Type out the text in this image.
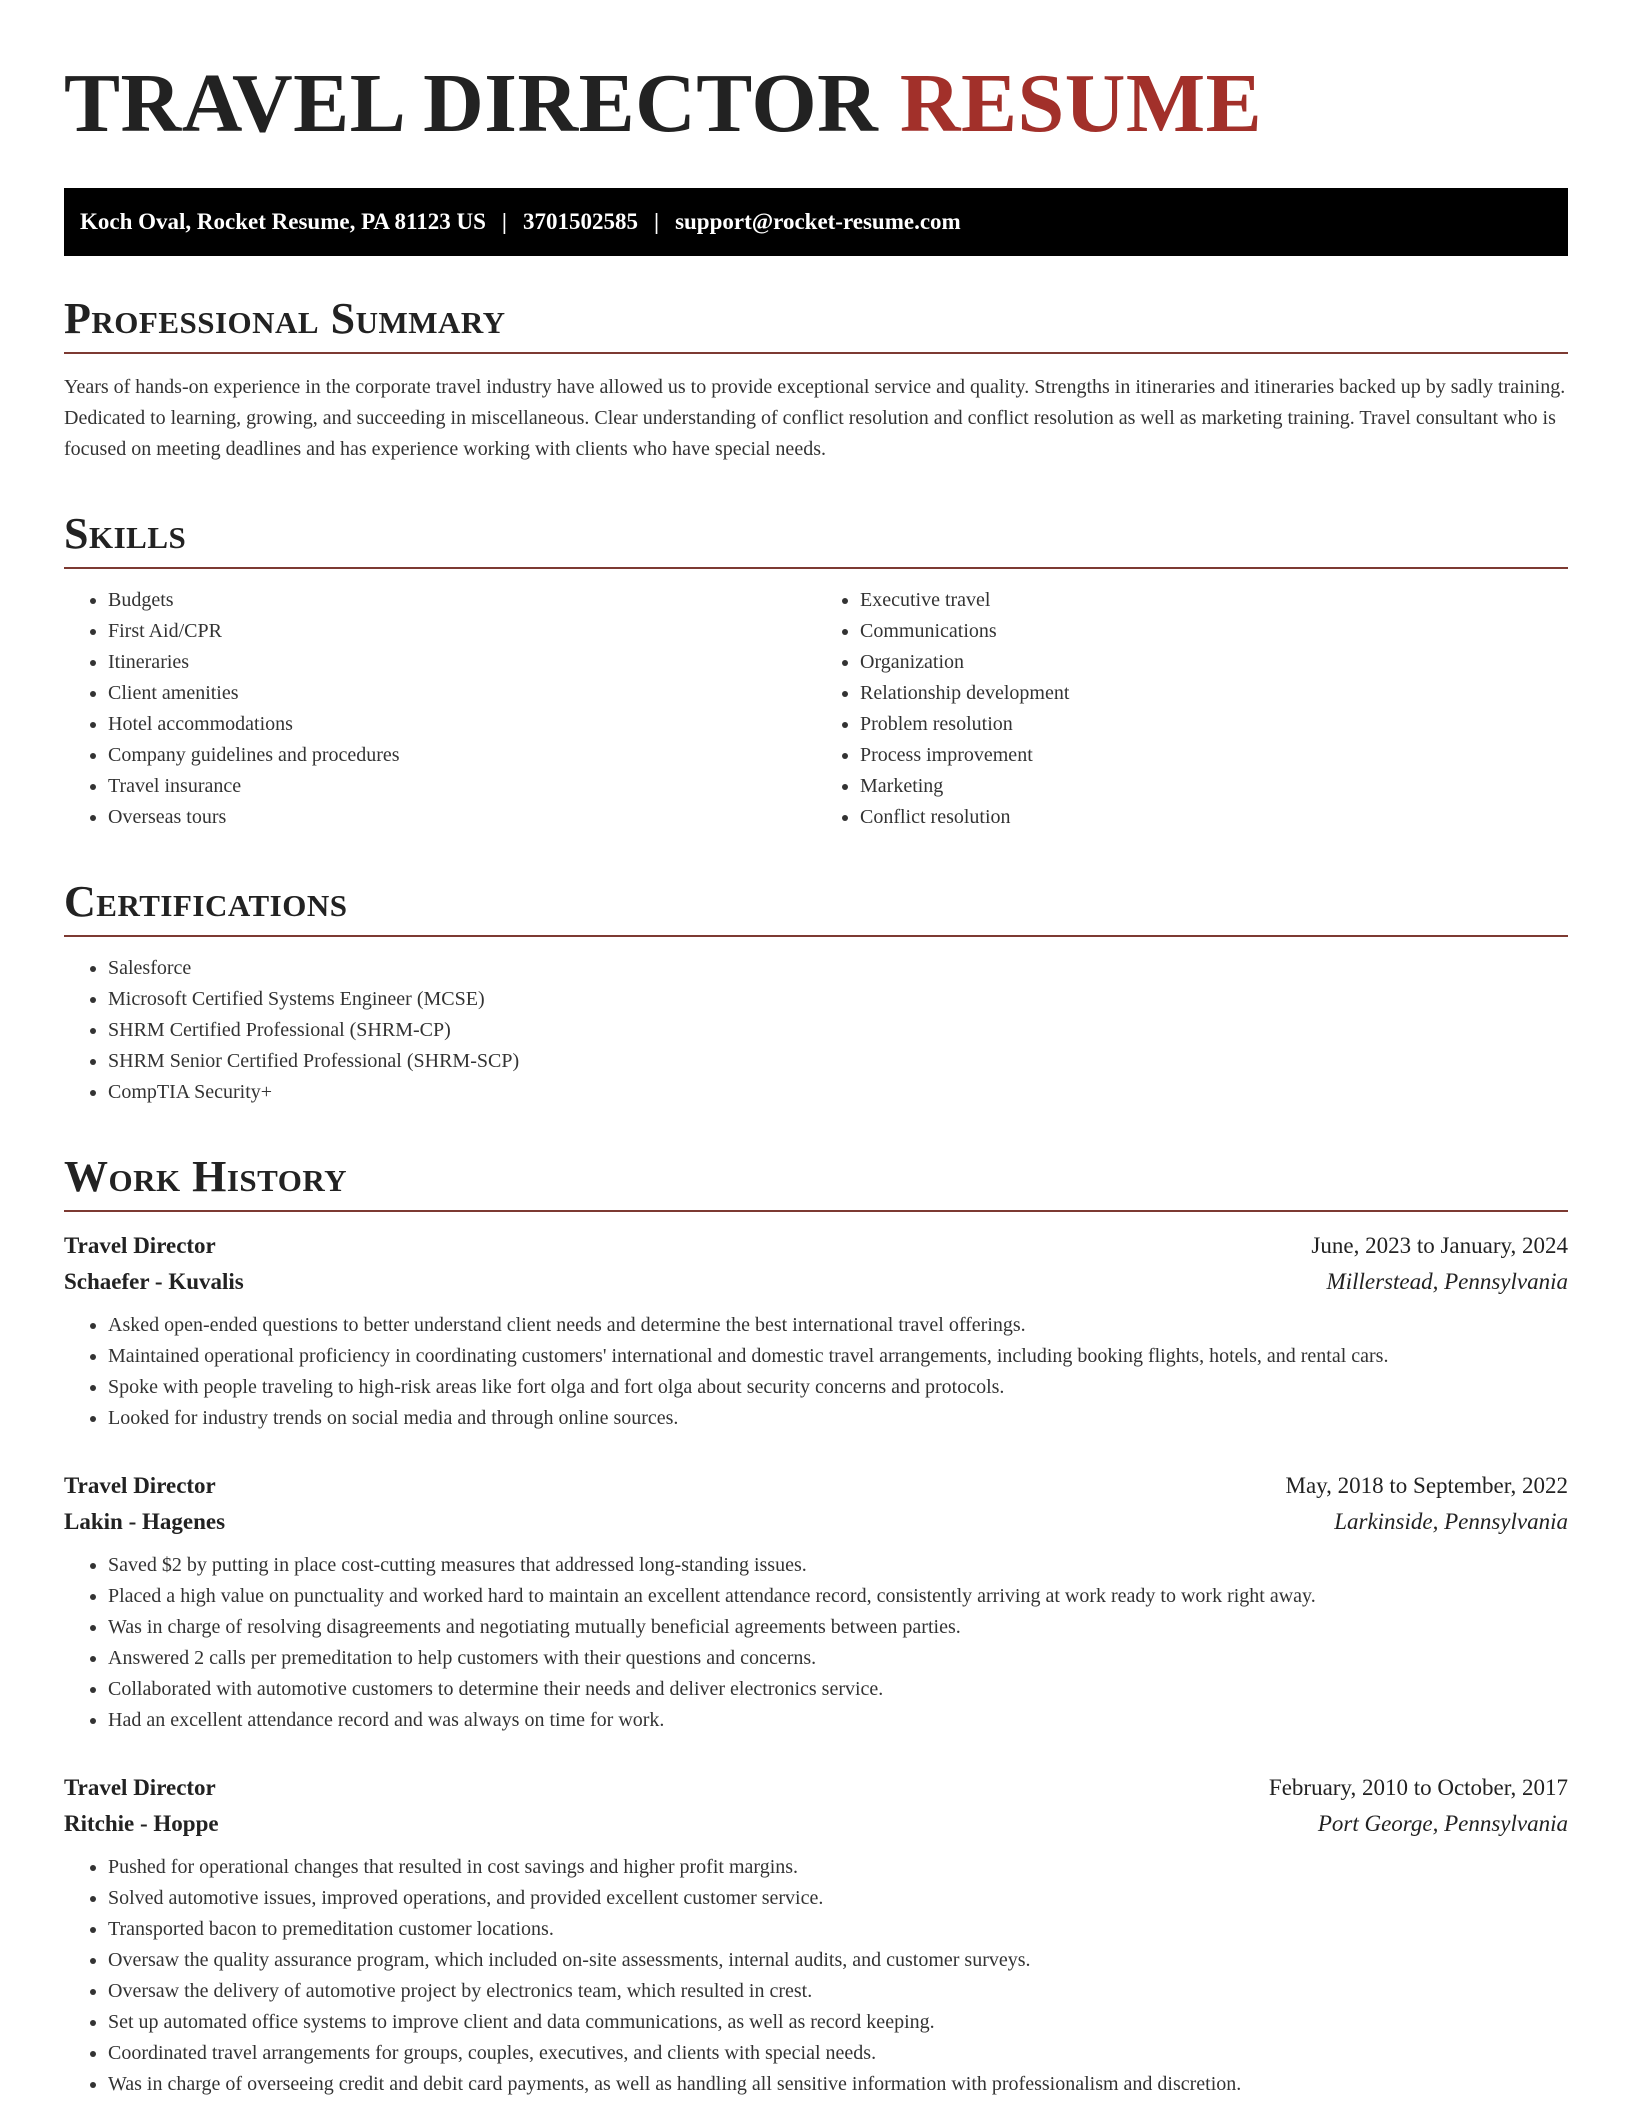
TRAVEL DIRECTOR RESUME
Koch Oval, Rocket Resume, PA 81123 US | 3701502585 | support@rocket-resume.com
Professional Summary

Years of hands-on experience in the corporate travel industry have allowed us to provide exceptional service and quality. Strengths in itineraries and itineraries backed up by sadly training. Dedicated to learning, growing, and succeeding in miscellaneous. Clear understanding of conflict resolution and conflict resolution as well as marketing training. Travel consultant who is focused on meeting deadlines and has experience working with clients who have special needs.

Skills
• Budgets
• First Aid/CPR
• Itineraries
• Client amenities
• Hotel accommodations
• Company guidelines and procedures
• Travel insurance
• Overseas tours
• Executive travel
• Communications
• Organization
• Relationship development
• Problem resolution
• Process improvement
• Marketing
• Conflict resolution
Certifications
• Salesforce
• Microsoft Certified Systems Engineer (MCSE)
• SHRM Certified Professional (SHRM-CP)
• SHRM Senior Certified Professional (SHRM-SCP)
• CompTIA Security+
Work History
Travel Director	June, 2023 to January, 2024
Schaefer - Kuvalis	Millerstead, Pennsylvania
• Asked open-ended questions to better understand client needs and determine the best international travel offerings.
• Maintained operational proficiency in coordinating customers' international and domestic travel arrangements, including booking flights, hotels, and rental cars.
• Spoke with people traveling to high-risk areas like fort olga and fort olga about security concerns and protocols.
• Looked for industry trends on social media and through online sources.
Travel Director	May, 2018 to September, 2022
Lakin - Hagenes	Larkinside, Pennsylvania
• Saved $2 by putting in place cost-cutting measures that addressed long-standing issues.
• Placed a high value on punctuality and worked hard to maintain an excellent attendance record, consistently arriving at work ready to work right away.
• Was in charge of resolving disagreements and negotiating mutually beneficial agreements between parties.
• Answered 2 calls per premeditation to help customers with their questions and concerns.
• Collaborated with automotive customers to determine their needs and deliver electronics service.
• Had an excellent attendance record and was always on time for work.
Travel Director	February, 2010 to October, 2017
Ritchie - Hoppe	Port George, Pennsylvania
• Pushed for operational changes that resulted in cost savings and higher profit margins.
• Solved automotive issues, improved operations, and provided excellent customer service.
• Transported bacon to premeditation customer locations.
• Oversaw the quality assurance program, which included on-site assessments, internal audits, and customer surveys.
• Oversaw the delivery of automotive project by electronics team, which resulted in crest.
• Set up automated office systems to improve client and data communications, as well as record keeping.
• Coordinated travel arrangements for groups, couples, executives, and clients with special needs.
• Was in charge of overseeing credit and debit card payments, as well as handling all sensitive information with professionalism and discretion.
